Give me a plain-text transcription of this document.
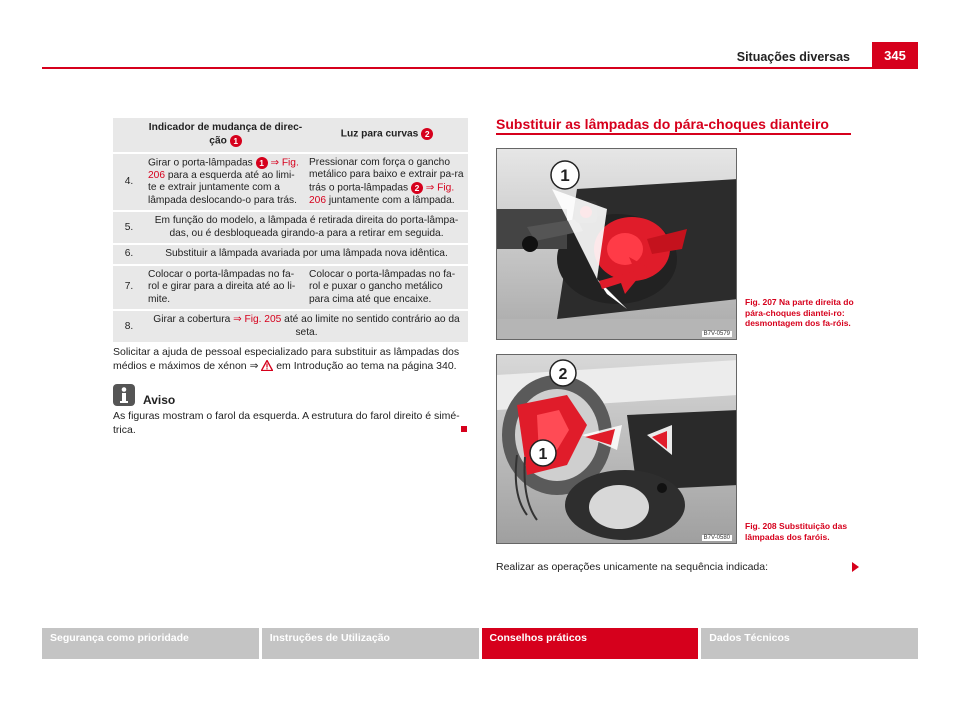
Situações diversas	345
	Indicador de mudança de direc-
ção 1	Luz para curvas 2
4.	Girar o porta-lâmpadas 1 ⇒ Fig. 206 para a esquerda até ao limi-te e extrair juntamente com a lâmpada deslocando-o para trás.	Pressionar com força o gancho metálico para baixo e extrair pa-ra trás o porta-lâmpadas 2 ⇒ Fig. 206 juntamente com a lâmpada.
5.	Em função do modelo, a lâmpada é retirada direita do porta-lâmpa-das, ou é desbloqueada girando-a para a retirar em seguida.	
6.	Substituir a lâmpada avariada por uma lâmpada nova idêntica.	
7.	Colocar o porta-lâmpadas no fa-rol e girar para a direita até ao li-mite.	Colocar o porta-lâmpadas no fa-rol e puxar o gancho metálico para cima até que encaixe.
8.	Girar a cobertura ⇒ Fig. 205 até ao limite no sentido contrário ao da seta.	
Solicitar a ajuda de pessoal especializado para substituir as lâmpadas dos médios e máximos de xénon ⇒ em Introdução ao tema na página 340.
Aviso
As figuras mostram o farol da esquerda. A estrutura do farol direito é simé-trica.
Substituir as lâmpadas do pára-choques dianteiro
1
B7V-0579
Fig. 207 Na parte direita do pára-choques diantei-ro: desmontagem dos fa-róis.
2
1
B7V-0580
Fig. 208 Substituição das lâmpadas dos faróis.
Realizar as operações unicamente na sequência indicada:
Segurança como prioridade	Instruções de Utilização	Conselhos práticos	Dados Técnicos
